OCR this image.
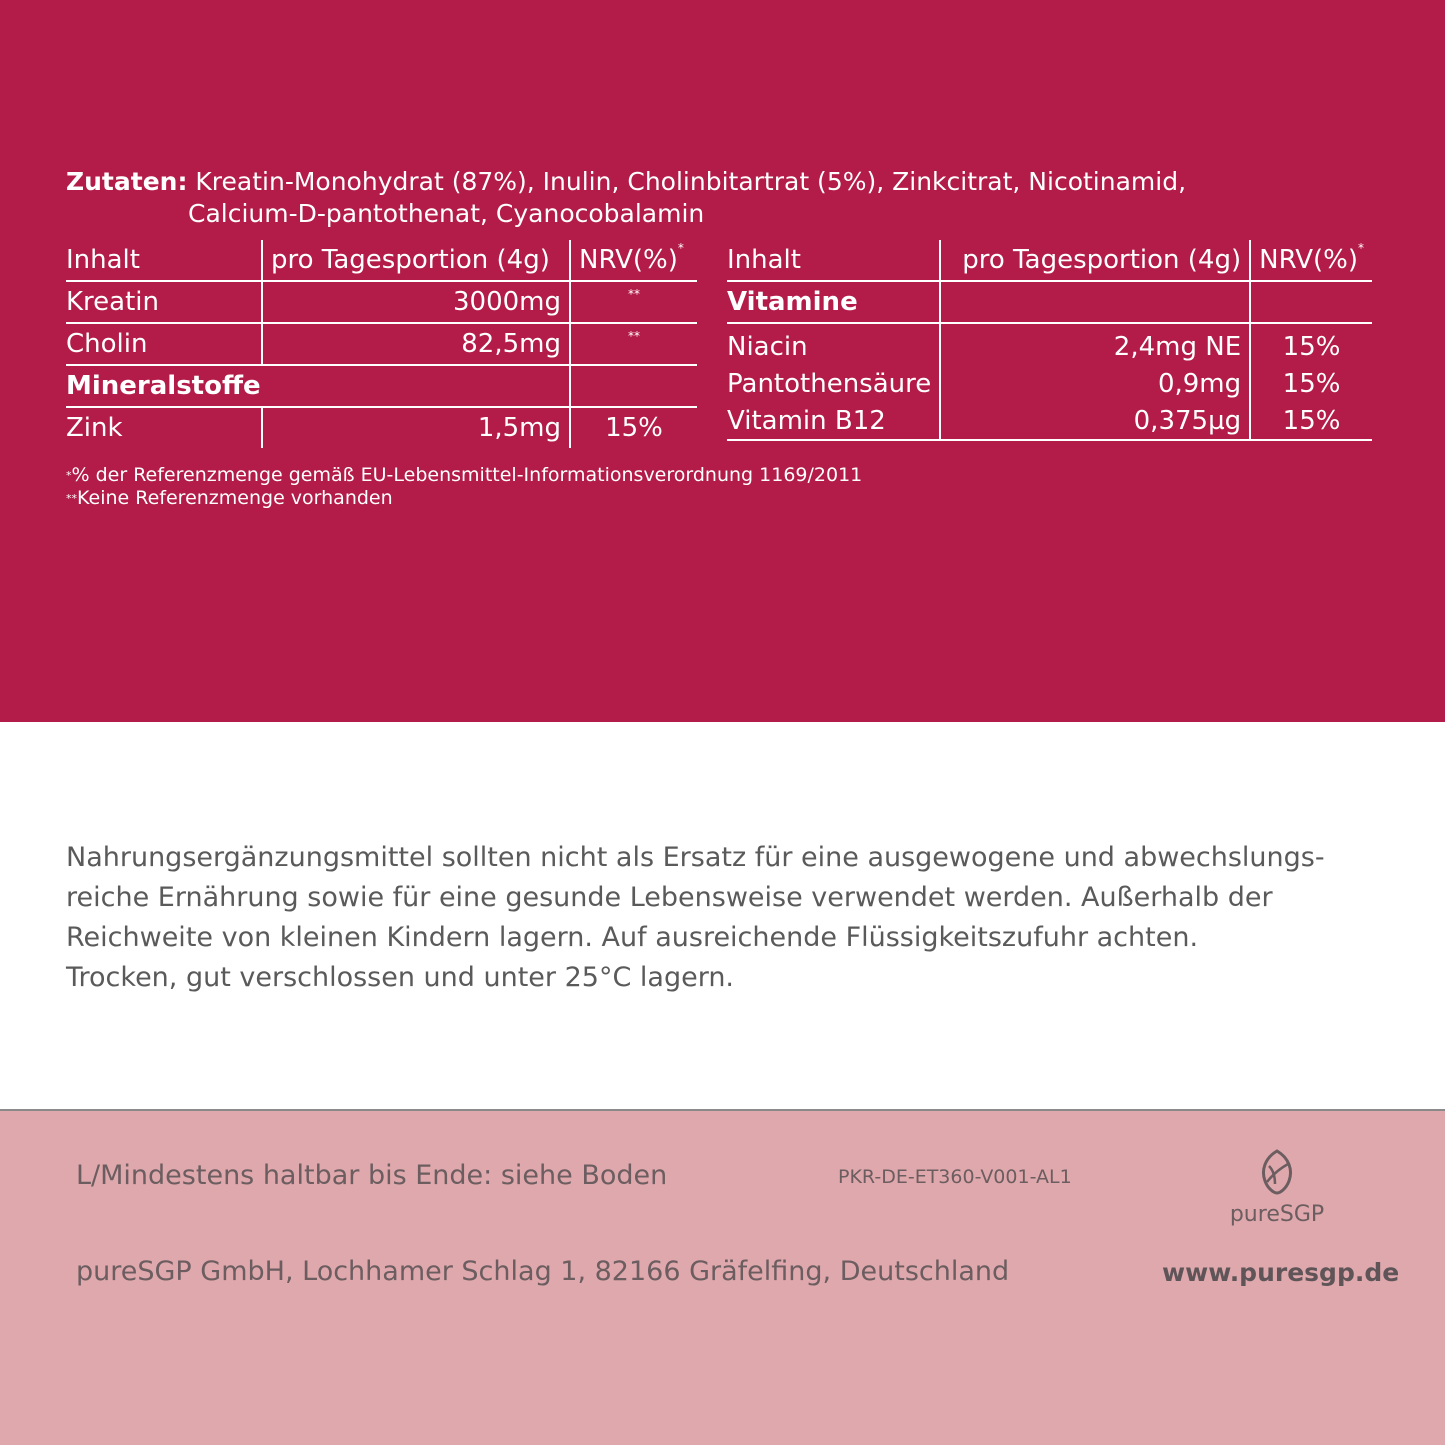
Zutaten: Kreatin-Monohydrat (87%), Inulin, Cholinbitartrat (5%), Zinkcitrat, Nicotinamid,
Calcium-D-pantothenat, Cyanocobalamin
Inhalt	pro Tagesportion (4g)	NRV(%)*
Kreatin	3000mg	**
Cholin	82,5mg	**
Mineralstoffe		
Zink	1,5mg	15%
Inhalt	pro Tagesportion (4g)	NRV(%)*
Vitamine		
Niacin	2,4mg NE	15%
Pantothensäure	0,9mg	15%
Vitamin B12	0,375µg	15%
*% der Referenzmenge gemäß EU-Lebensmittel-Informationsverordnung 1169/2011
**Keine Referenzmenge vorhanden
Nahrungsergänzungsmittel sollten nicht als Ersatz für eine ausgewogene und abwechslungs-
reiche Ernährung sowie für eine gesunde Lebensweise verwendet werden. Außerhalb der
Reichweite von kleinen Kindern lagern. Auf ausreichende Flüssigkeitszufuhr achten.
Trocken, gut verschlossen und unter 25°C lagern.
L/Mindestens haltbar bis Ende: siehe Boden	PKR-DE-ET360-V001-AL1
pureSGP
pureSGP GmbH, Lochhamer Schlag 1, 82166 Gräfelfing, Deutschland	www.puresgp.de
